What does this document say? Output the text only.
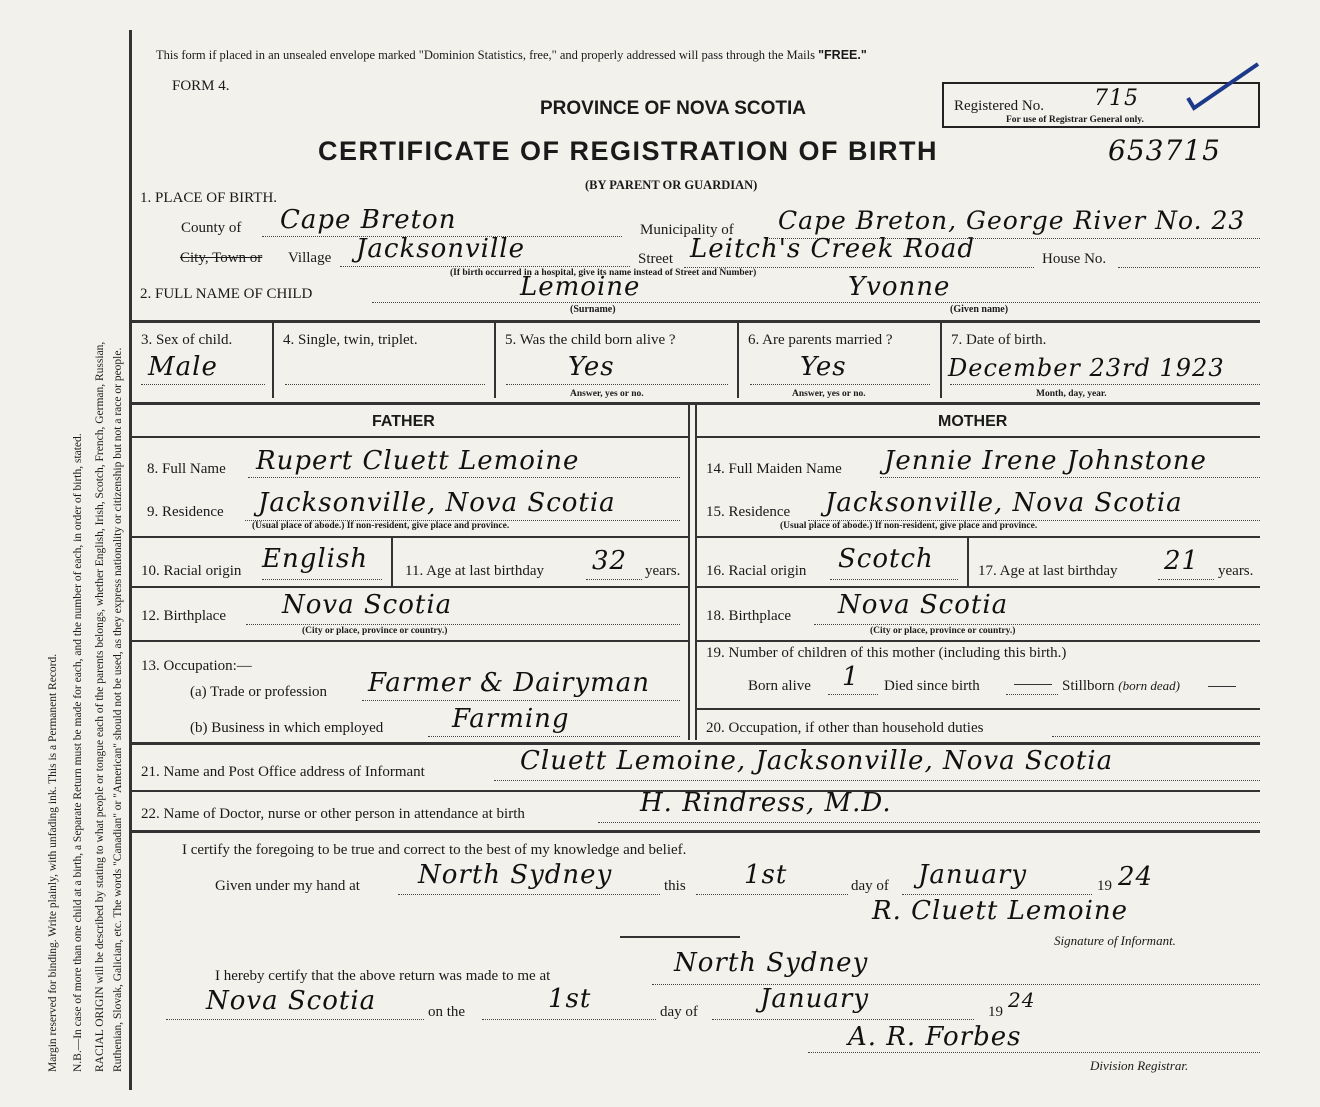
Margin reserved for binding. Write plainly, with unfading ink. This is a Permanent Record. N.B.—In case of more than one child at a birth, a Separate Return must be made for each, and the number of each, in order of birth, stated. RACIAL ORIGIN will be described by stating to what people or tongue each of the parents belongs, whether English, Irish, Scotch, French, German, Russian, Ruthenian, Slovak, Galician, etc. The words "Canadian" or "American" should not be used, as they express nationality or citizenship but not a race or people.
This form if placed in an unsealed envelope marked "Dominion Statistics, free," and properly addressed will pass through the Mails "FREE."
FORM 4.
PROVINCE OF NOVA SCOTIA	Registered No. 715
For use of Registrar General only.
CERTIFICATE OF REGISTRATION OF BIRTH	653715
(BY PARENT OR GUARDIAN)
1. PLACE OF BIRTH.
County of Cape Breton	Municipality of Cape Breton, George River No. 23
City, Town or Village Jacksonville	Street Leitch's Creek Road	House No.
(If birth occurred in a hospital, give its name instead of Street and Number)
2. FULL NAME OF CHILD	Lemoine	Yvonne
(Surname)	(Given name)
3. Sex of child.
Male
4. Single, twin, triplet.	5. Was the child born alive ?
Yes
Answer, yes or no.
6. Are parents married ?
Yes
Answer, yes or no.
7. Date of birth.
December 23rd 1923
Month, day, year.
FATHER	MOTHER
8. Full Name Rupert Cluett Lemoine	14. Full Maiden Name Jennie Irene Johnstone
9. Residence Jacksonville, Nova Scotia
(Usual place of abode.) If non-resident, give place and province.
15. Residence Jacksonville, Nova Scotia
(Usual place of abode.) If non-resident, give place and province.
10. Racial origin English 11. Age at last birthday 32 years. 16. Racial origin Scotch	17. Age at last birthday 21 years.
12. Birthplace Nova Scotia
(City or place, province or country.)
18. Birthplace Nova Scotia
(City or place, province or country.)
13. Occupation:—
(a) Trade or profession Farmer & Dairyman
(b) Business in which employed	Farming
19. Number of children of this mother (including this birth.)
Born alive 1 Died since birth	Stillborn (born dead)
20. Occupation, if other than household duties
21. Name and Post Office address of Informant	Cluett Lemoine, Jacksonville, Nova Scotia
22. Name of Doctor, nurse or other person in attendance at birth	H. Rindress, M.D.
I certify the foregoing to be true and correct to the best of my knowledge and belief.
Given under my hand at North Sydney	this 1st	day of January	19 24
R. Cluett Lemoine
Signature of Informant.
I hereby certify that the above return was made to me at	North Sydney
Nova Scotia	on the	1st	day of January	19 24
A. R. Forbes
Division Registrar.
